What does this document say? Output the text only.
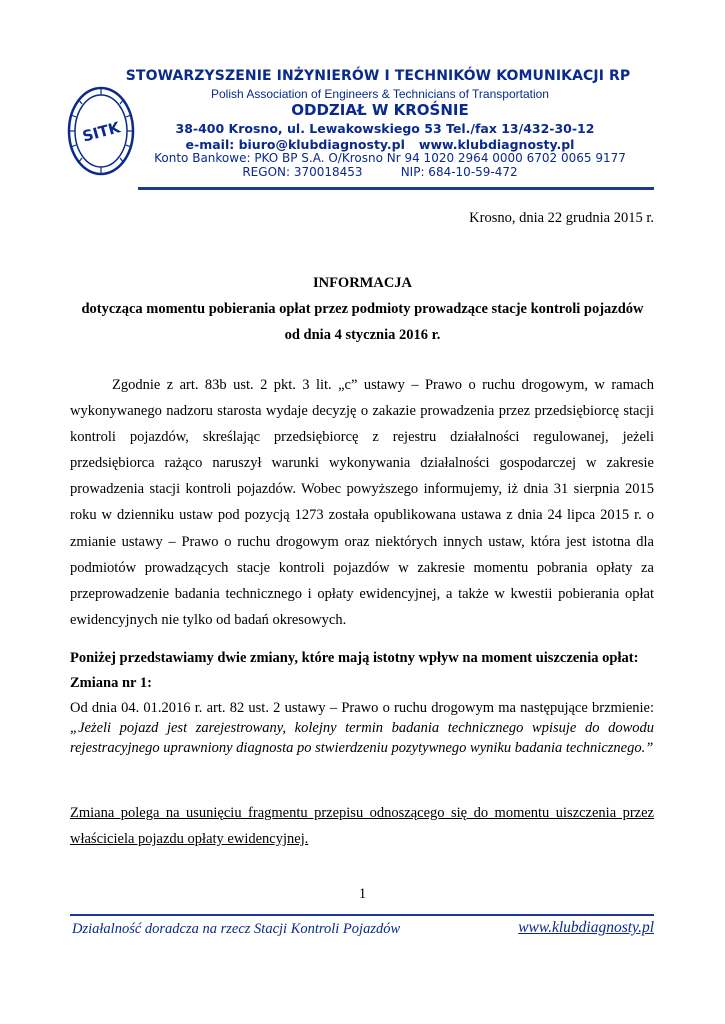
SITK
STOWARZYSZENIE INŻYNIERÓW I TECHNIKÓW KOMUNIKACJI RP
Polish Association of Engineers & Technicians of Transportation
ODDZIAŁ W KROŚNIE
38-400 Krosno, ul. Lewakowskiego 53 Tel./fax 13/432-30-12
e-mail: biuro@klubdiagnosty.pl www.klubdiagnosty.pl
Konto Bankowe: PKO BP S.A. O/Krosno Nr 94 1020 2964 0000 6702 0065 9177
REGON: 370018453          NIP: 684-10-59-472
Krosno, dnia 22 grudnia 2015 r.
INFORMACJA
dotycząca momentu pobierania opłat przez podmioty prowadzące stacje kontroli pojazdów
od dnia 4 stycznia 2016 r.
Zgodnie z art. 83b ust. 2 pkt. 3 lit. „c” ustawy – Prawo o ruchu drogowym, w ramach wykonywanego nadzoru starosta wydaje decyzję o zakazie prowadzenia przez przedsiębiorcę stacji kontroli pojazdów, skreślając przedsiębiorcę z rejestru działalności regulowanej, jeżeli przedsiębiorca rażąco naruszył warunki wykonywania działalności gospodarczej w zakresie prowadzenia stacji kontroli pojazdów. Wobec powyższego informujemy, iż dnia 31 sierpnia 2015 roku w dzienniku ustaw pod pozycją 1273 została opublikowana ustawa z dnia 24 lipca 2015 r. o zmianie ustawy – Prawo o ruchu drogowym oraz niektórych innych ustaw, która jest istotna dla podmiotów prowadzących stacje kontroli pojazdów w zakresie momentu pobrania opłaty za przeprowadzenie badania technicznego i opłaty ewidencyjnej, a także w kwestii pobierania opłat ewidencyjnych nie tylko od badań okresowych.
Poniżej przedstawiamy dwie zmiany, które mają istotny wpływ na moment uiszczenia opłat:
Zmiana nr 1:
Od dnia 04. 01.2016 r. art. 82 ust. 2 ustawy – Prawo o ruchu drogowym ma następujące brzmienie: „Jeżeli pojazd jest zarejestrowany, kolejny termin badania technicznego wpisuje do dowodu rejestracyjnego uprawniony diagnosta po stwierdzeniu pozytywnego wyniku badania technicznego.”
Zmiana polega na usunięciu fragmentu przepisu odnoszącego się do momentu uiszczenia przez właściciela pojazdu opłaty ewidencyjnej.
1
Działalność doradcza na rzecz Stacji Kontroli Pojazdów	www.klubdiagnosty.pl
